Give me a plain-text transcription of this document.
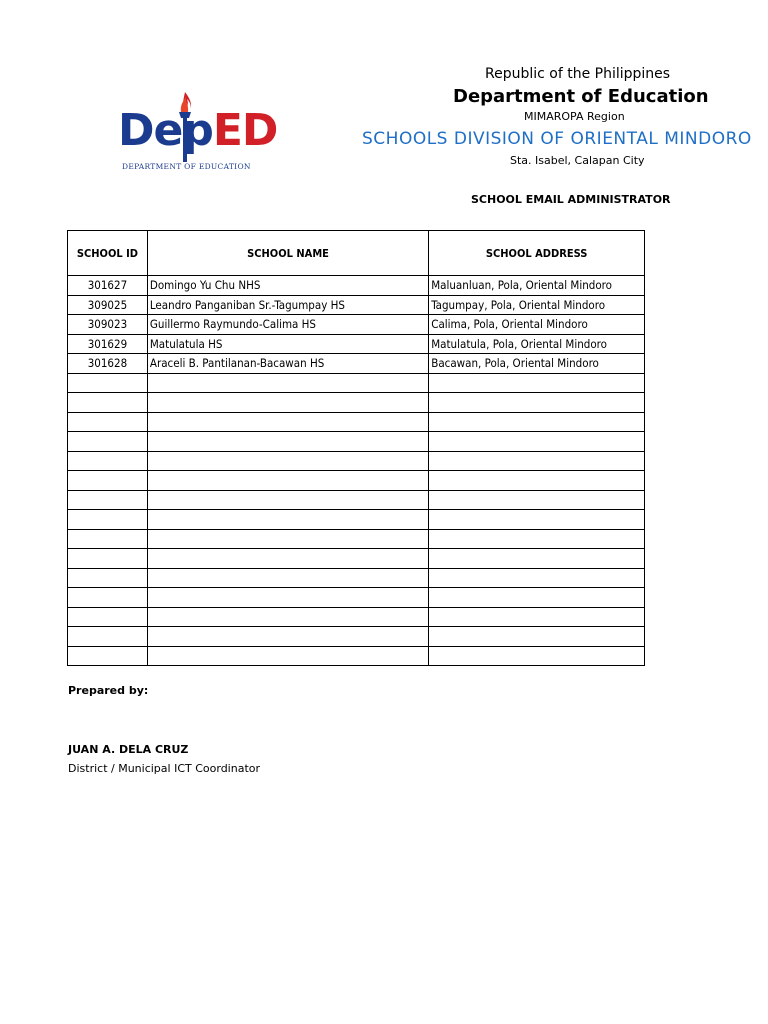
DepED
DEPARTMENT OF EDUCATION
Republic of the Philippines
Department of Education
MIMAROPA Region
SCHOOLS DIVISION OF ORIENTAL MINDORO
Sta. Isabel, Calapan City
SCHOOL EMAIL ADMINISTRATOR
SCHOOL ID	SCHOOL NAME	SCHOOL ADDRESS
301627	Domingo Yu Chu NHS	Maluanluan, Pola, Oriental Mindoro
309025	Leandro Panganiban Sr.-Tagumpay HS	Tagumpay, Pola, Oriental Mindoro
309023	Guillermo Raymundo-Calima HS	Calima, Pola, Oriental Mindoro
301629	Matulatula HS	Matulatula, Pola, Oriental Mindoro
301628	Araceli B. Pantilanan-Bacawan HS	Bacawan, Pola, Oriental Mindoro

Prepared by:
JUAN A. DELA CRUZ
District / Municipal ICT Coordinator
